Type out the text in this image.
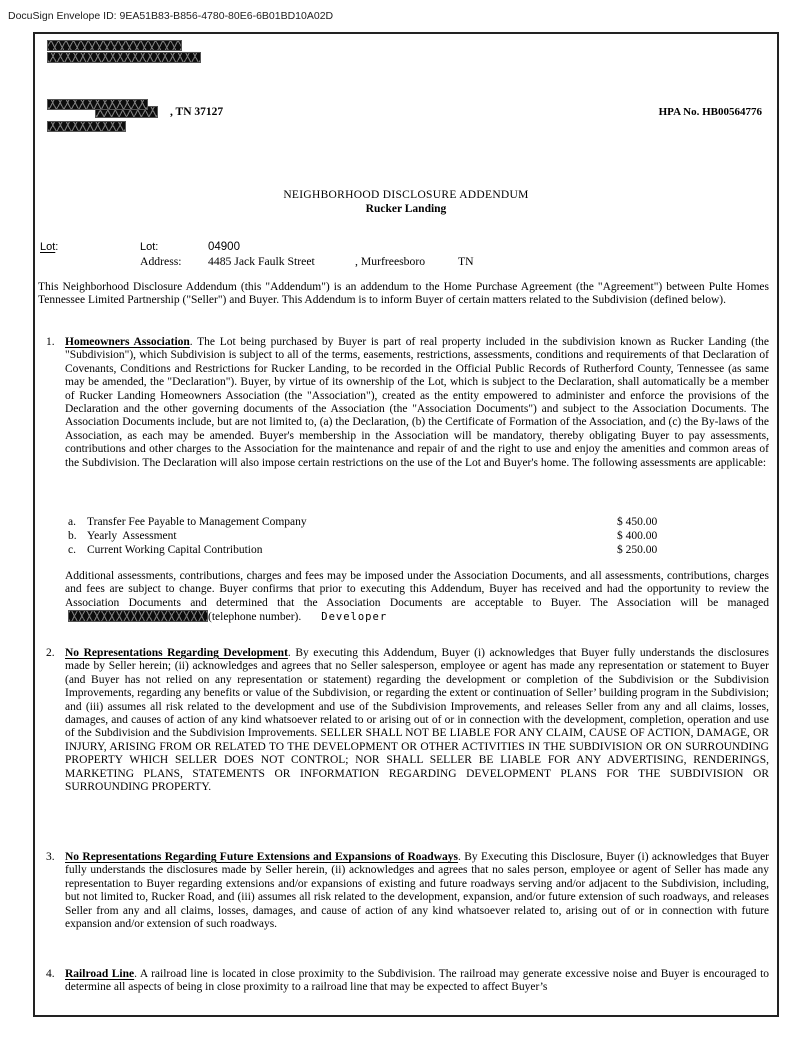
DocuSign Envelope ID: 9EA51B83-B856-4780-80E6-6B01BD10A02D
, TN 37127	HPA No. HB00564776
NEIGHBORHOOD DISCLOSURE ADDENDUM
Rucker Landing
Lot:	Lot:	04900
Address:	4485 Jack Faulk Street	, Murfreesboro	TN
This Neighborhood Disclosure Addendum (this "Addendum") is an addendum to the Home Purchase Agreement (the "Agreement") between Pulte Homes Tennessee Limited Partnership ("Seller") and Buyer. This Addendum is to inform Buyer of certain matters related to the Subdivision (defined below).
1. Homeowners Association. The Lot being purchased by Buyer is part of real property included in the subdivision known as Rucker Landing (the "Subdivision"), which Subdivision is subject to all of the terms, easements, restrictions, assessments, conditions and requirements of that Declaration of Covenants, Conditions and Restrictions for Rucker Landing, to be recorded in the Official Public Records of Rutherford County, Tennessee (as same may be amended, the "Declaration"). Buyer, by virtue of its ownership of the Lot, which is subject to the Declaration, shall automatically be a member of Rucker Landing Homeowners Association (the "Association"), created as the entity empowered to administer and enforce the provisions of the Declaration and the other governing documents of the Association (the "Association Documents") and subject to the Association Documents. The Association Documents include, but are not limited to, (a) the Declaration, (b) the Certificate of Formation of the Association, and (c) the By-laws of the Association, as each may be amended. Buyer's membership in the Association will be mandatory, thereby obligating Buyer to pay assessments, contributions and other charges to the Association for the maintenance and repair of and the right to use and enjoy the amenities and common areas of the Subdivision. The Declaration will also impose certain restrictions on the use of the Lot and Buyer's home. The following assessments are applicable:
a. Transfer Fee Payable to Management Company	$ 450.00
b. Yearly  Assessment	$ 400.00
c. Current Working Capital Contribution	$ 250.00
Additional assessments, contributions, charges and fees may be imposed under the Association Documents, and all assessments, contributions, charges and fees are subject to change. Buyer confirms that prior to executing this Addendum, Buyer has received and had the opportunity to review the Association Documents and determined that the Association Documents are acceptable to Buyer. The Association will be managed(telephone number). Developer
2. No Representations Regarding Development. By executing this Addendum, Buyer (i) acknowledges that Buyer fully understands the disclosures made by Seller herein; (ii) acknowledges and agrees that no Seller salesperson, employee or agent has made any representation or statement to Buyer (and Buyer has not relied on any representation or statement) regarding the development or completion of the Subdivision or the Subdivision Improvements, regarding any benefits or value of the Subdivision, or regarding the extent or continuation of Seller’ building program in the Subdivision; and (iii) assumes all risk related to the development and use of the Subdivision Improvements, and releases Seller from any and all claims, losses, damages, and causes of action of any kind whatsoever related to or arising out of or in connection with the development, completion, operation and use of the Subdivision and the Subdivision Improvements. SELLER SHALL NOT BE LIABLE FOR ANY CLAIM, CAUSE OF ACTION, DAMAGE, OR INJURY, ARISING FROM OR RELATED TO THE DEVELOPMENT OR OTHER ACTIVITIES IN THE SUBDIVISION OR ON SURROUNDING PROPERTY WHICH SELLER DOES NOT CONTROL; NOR SHALL SELLER BE LIABLE FOR ANY ADVERTISING, RENDERINGS, MARKETING PLANS, STATEMENTS OR INFORMATION REGARDING DEVELOPMENT PLANS FOR THE SUBDIVISION OR SURROUNDING PROPERTY.
3. No Representations Regarding Future Extensions and Expansions of Roadways. By Executing this Disclosure, Buyer (i) acknowledges that Buyer fully understands the disclosures made by Seller herein, (ii) acknowledges and agrees that no sales person, employee or agent of Seller has made any representation to Buyer regarding extensions and/or expansions of existing and future roadways serving and/or adjacent to the Subdivision, including, but not limited to, Rucker Road, and (iii) assumes all risk related to the development, expansion, and/or future extension of such roadways, and releases Seller from any and all claims, losses, damages, and cause of action of any kind whatsoever related to, arising out of or in connection with future expansion and/or extension of such roadways.
4. Railroad Line. A railroad line is located in close proximity to the Subdivision. The railroad may generate excessive noise and Buyer is encouraged to determine all aspects of being in close proximity to a railroad line that may be expected to affect Buyer’s
